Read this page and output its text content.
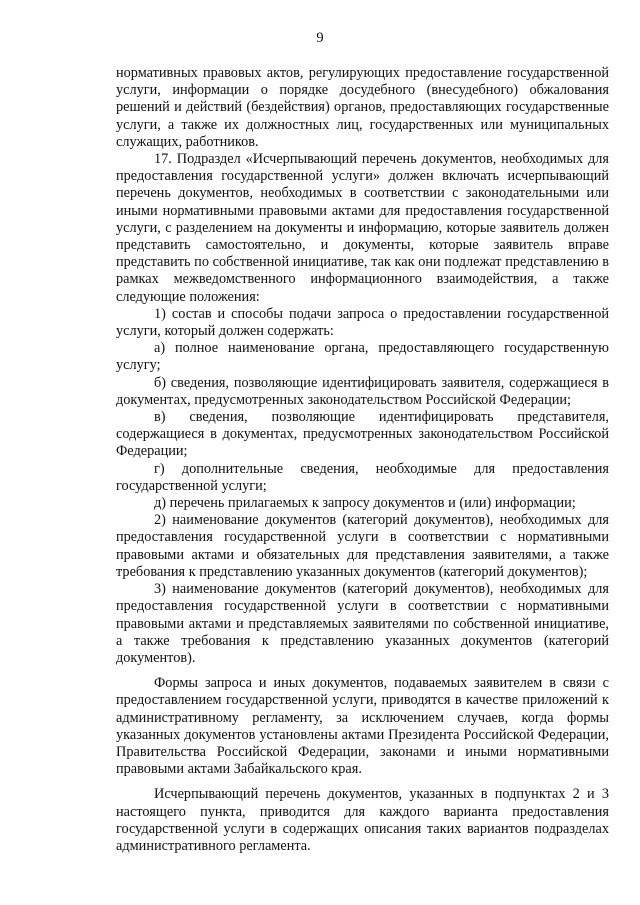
9

нормативных правовых актов, регулирующих предоставление государственной услуги, информации о порядке досудебного (внесудебного) обжалования решений и действий (бездействия) органов, предоставляющих государственные услуги, а также их должностных лиц, государственных или муниципальных служащих, работников.

17. Подраздел «Исчерпывающий перечень документов, необходимых для предоставления государственной услуги» должен включать исчерпывающий перечень документов, необходимых в соответствии с законодательными или иными нормативными правовыми актами для предоставления государственной услуги, с разделением на документы и информацию, которые заявитель должен представить самостоятельно, и документы, которые заявитель вправе представить по собственной инициативе, так как они подлежат представлению в рамках межведомственного информационного взаимодействия, а также следующие положения:

1) состав и способы подачи запроса о предоставлении государственной услуги, который должен содержать:

а) полное наименование органа, предоставляющего государственную услугу;

б) сведения, позволяющие идентифицировать заявителя, содержащиеся в документах, предусмотренных законодательством Российской Федерации;

в) сведения, позволяющие идентифицировать представителя, содержащиеся в документах, предусмотренных законодательством Российской Федерации;

г) дополнительные сведения, необходимые для предоставления государственной услуги;

д) перечень прилагаемых к запросу документов и (или) информации;

2) наименование документов (категорий документов), необходимых для предоставления государственной услуги в соответствии с нормативными правовыми актами и обязательных для представления заявителями, а также требования к представлению указанных документов (категорий документов);

3) наименование документов (категорий документов), необходимых для предоставления государственной услуги в соответствии с нормативными правовыми актами и представляемых заявителями по собственной инициативе, а также требования к представлению указанных документов (категорий документов).

Формы запроса и иных документов, подаваемых заявителем в связи с предоставлением государственной услуги, приводятся в качестве приложений к административному регламенту, за исключением случаев, когда формы указанных документов установлены актами Президента Российской Федерации, Правительства Российской Федерации, законами и иными нормативными правовыми актами Забайкальского края.

Исчерпывающий перечень документов, указанных в подпунктах 2 и 3 настоящего пункта, приводится для каждого варианта предоставления государственной услуги в содержащих описания таких вариантов подразделах административного регламента.
